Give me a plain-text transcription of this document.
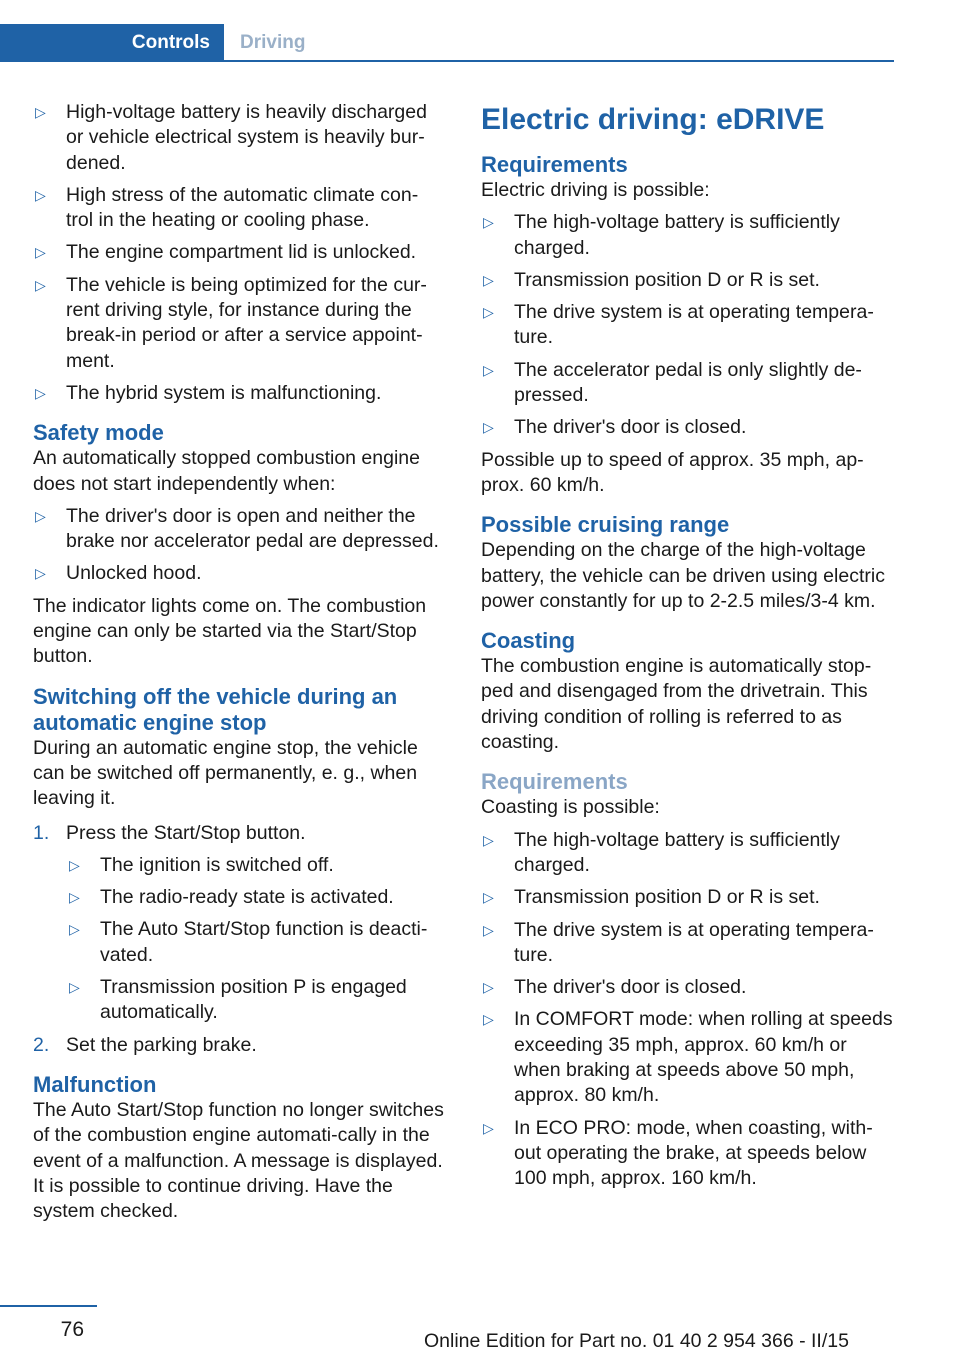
Controls	Driving
▷ High-voltage battery is heavily discharged or vehicle electrical system is heavily bur‐dened.
▷ High stress of the automatic climate con‐trol in the heating or cooling phase.
▷ The engine compartment lid is unlocked.
▷ The vehicle is being optimized for the cur‐rent driving style, for instance during the break-in period or after a service appoint‐ment.
▷ The hybrid system is malfunctioning.

Safety mode

An automatically stopped combustion engine does not start independently when:

▷ The driver's door is open and neither the brake nor accelerator pedal are depressed.
▷ Unlocked hood.

The indicator lights come on. The combustion engine can only be started via the Start/Stop button.

Switching off the vehicle during an automatic engine stop

During an automatic engine stop, the vehicle can be switched off permanently, e. g., when leaving it.

1. Press the Start/Stop button.
▷ The ignition is switched off.
▷ The radio-ready state is activated.
▷ The Auto Start/Stop function is deacti‐vated.
▷ Transmission position P is engaged automatically.
2. Set the parking brake.

Malfunction

The Auto Start/Stop function no longer switches of the combustion engine automati‐cally in the event of a malfunction. A message is displayed. It is possible to continue driving. Have the system checked.

Electric driving: eDRIVE

Requirements

Electric driving is possible:

▷ The high-voltage battery is sufficiently charged.
▷ Transmission position D or R is set.
▷ The drive system is at operating tempera‐ture.
▷ The accelerator pedal is only slightly de‐pressed.
▷ The driver's door is closed.

Possible up to speed of approx. 35 mph, ap‐prox. 60 km/h.

Possible cruising range

Depending on the charge of the high-voltage battery, the vehicle can be driven using electric power constantly for up to 2-2.5 miles/3-4 km.

Coasting

The combustion engine is automatically stop‐ped and disengaged from the drivetrain. This driving condition of rolling is referred to as coasting.

Requirements

Coasting is possible:

▷ The high-voltage battery is sufficiently charged.
▷ Transmission position D or R is set.
▷ The drive system is at operating tempera‐ture.
▷ The driver's door is closed.
▷ In COMFORT mode: when rolling at speeds exceeding 35 mph, approx. 60 km/h or when braking at speeds above 50 mph, approx. 80 km/h.
▷ In ECO PRO: mode, when coasting, with‐out operating the brake, at speeds below 100 mph, approx. 160 km/h.
76	Online Edition for Part no. 01 40 2 954 366 - II/15
